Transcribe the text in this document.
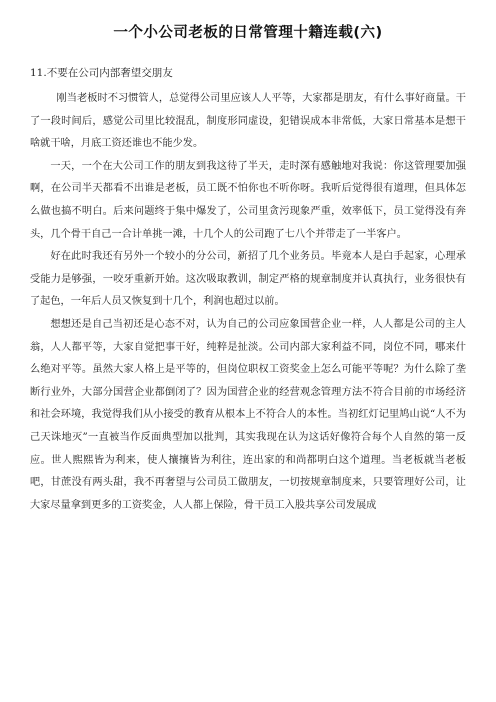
一个小公司老板的日常管理十籍连载(六)

11.不要在公司内部奢望交朋友

刚当老板时不习惯管人，总觉得公司里应该人人平等，大家都是朋友，有什么事好商量。干了一段时间后，感觉公司里比较混乱，制度形同虚设，犯错误成本非常低，大家日常基本是想干啥就干啥，月底工资还谁也不能少发。

一天，一个在大公司工作的朋友到我这待了半天，走时深有感触地对我说：你这管理要加强啊，在公司半天都看不出谁是老板，员工既不怕你也不听你呀。我听后觉得很有道理，但具体怎么做也搞不明白。后来问题终于集中爆发了，公司里贪污现象严重，效率低下，员工觉得没有奔头，几个骨干自己一合计单挑一滩，十几个人的公司跑了七八个并带走了一半客户。

好在此时我还有另外一个较小的分公司，新招了几个业务员。毕竟本人是白手起家，心理承受能力是够强，一咬牙重新开始。这次吸取教训，制定严格的规章制度并认真执行，业务很快有了起色，一年后人员又恢复到十几个，利润也超过以前。

想想还是自己当初还是心态不对，认为自己的公司应象国营企业一样，人人都是公司的主人翁，人人都平等，大家自觉把事干好，纯粹是扯淡。公司内部大家利益不同，岗位不同，哪来什么绝对平等。虽然大家人格上是平等的，但岗位职权工资奖金上怎么可能平等呢？为什么除了垄断行业外，大部分国营企业都倒闭了？因为国营企业的经营观念管理方法不符合目前的市场经济和社会环境，我觉得我们从小接受的教育从根本上不符合人的本性。当初红灯记里鸠山说“人不为己天诛地灭”一直被当作反面典型加以批判，其实我现在认为这话好像符合每个人自然的第一反应。世人熙熙皆为利来，使人攘攘皆为利往，连出家的和尚都明白这个道理。当老板就当老板吧，甘蔗没有两头甜，我不再奢望与公司员工做朋友，一切按规章制度来，只要管理好公司，让大家尽量拿到更多的工资奖金，人人都上保险，骨干员工入股共享公司发展成
